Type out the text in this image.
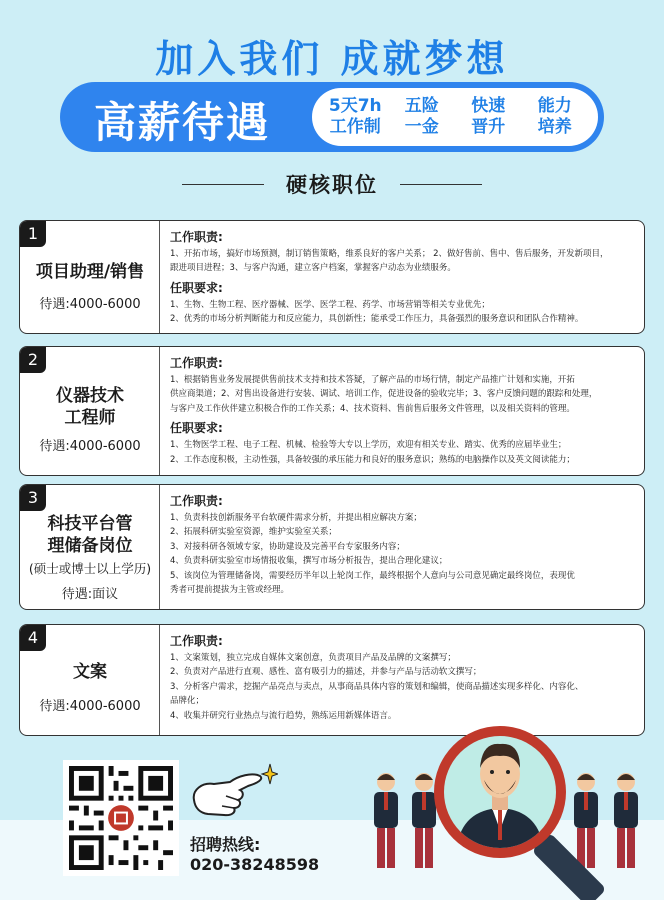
加入我们 成就梦想
高薪待遇	5天7h
工作制
五险
一金
快速
晋升
能力
培养
硬核职位
1
项目助理/销售
待遇:4000-6000
工作职责:
1、开拓市场，搞好市场预测，制订销售策略，维系良好的客户关系； 2、做好售前、售中、售后服务，开发新项目，
跟进项目进程；3、与客户沟通，建立客户档案，掌握客户动态为业绩服务。
任职要求:
1、生物、生物工程、医疗器械、医学、医学工程、药学、市场营销等相关专业优先；
2、优秀的市场分析判断能力和反应能力，具创新性；能承受工作压力，具备强烈的服务意识和团队合作精神。
2
仪器技术
工程师
待遇:4000-6000
工作职责:
1、根据销售业务发展提供售前技术支持和技术答疑，了解产品的市场行情，制定产品推广计划和实施，开拓
供应商渠道；2、对售出设备进行安装、调试、培训工作，促进设备的验收完毕；3、客户反馈问题的跟踪和处理，
与客户及工作伙伴建立积极合作的工作关系；4、技术资料、售前售后服务文件管理，以及相关资料的管理。
任职要求:
1、生物医学工程、电子工程、机械、检验等大专以上学历，欢迎有相关专业、踏实、优秀的应届毕业生；
2、工作态度积极，主动性强，具备较强的承压能力和良好的服务意识；熟练的电脑操作以及英文阅读能力；
3
科技平台管
理储备岗位
(硕士或博士以上学历)
待遇:面议
工作职责:
1、负责科技创新服务平台软硬件需求分析，并提出相应解决方案；
2、拓展科研实验室资源，维护实验室关系；
3、对接科研各领域专家，协助建设及完善平台专家服务内容；
4、负责科研实验室市场情报收集，撰写市场分析报告，提出合理化建议；
5、该岗位为管理储备岗，需要经历半年以上轮岗工作，最终根据个人意向与公司意见确定最终岗位，表现优
秀者可提前提拔为主管或经理。
4
文案
待遇:4000-6000
工作职责:
1、文案策划，独立完成自媒体文案创意，负责项目产品及品牌的文案撰写；
2、负责对产品进行直观、感性、富有吸引力的描述，并参与产品与活动软文撰写；
3、分析客户需求，挖掘产品亮点与卖点，从事商品具体内容的策划和编辑，使商品描述实现多样化、内容化、
品牌化；
4、收集并研究行业热点与流行趋势，熟练运用新媒体语言。
招聘热线:
020-38248598
